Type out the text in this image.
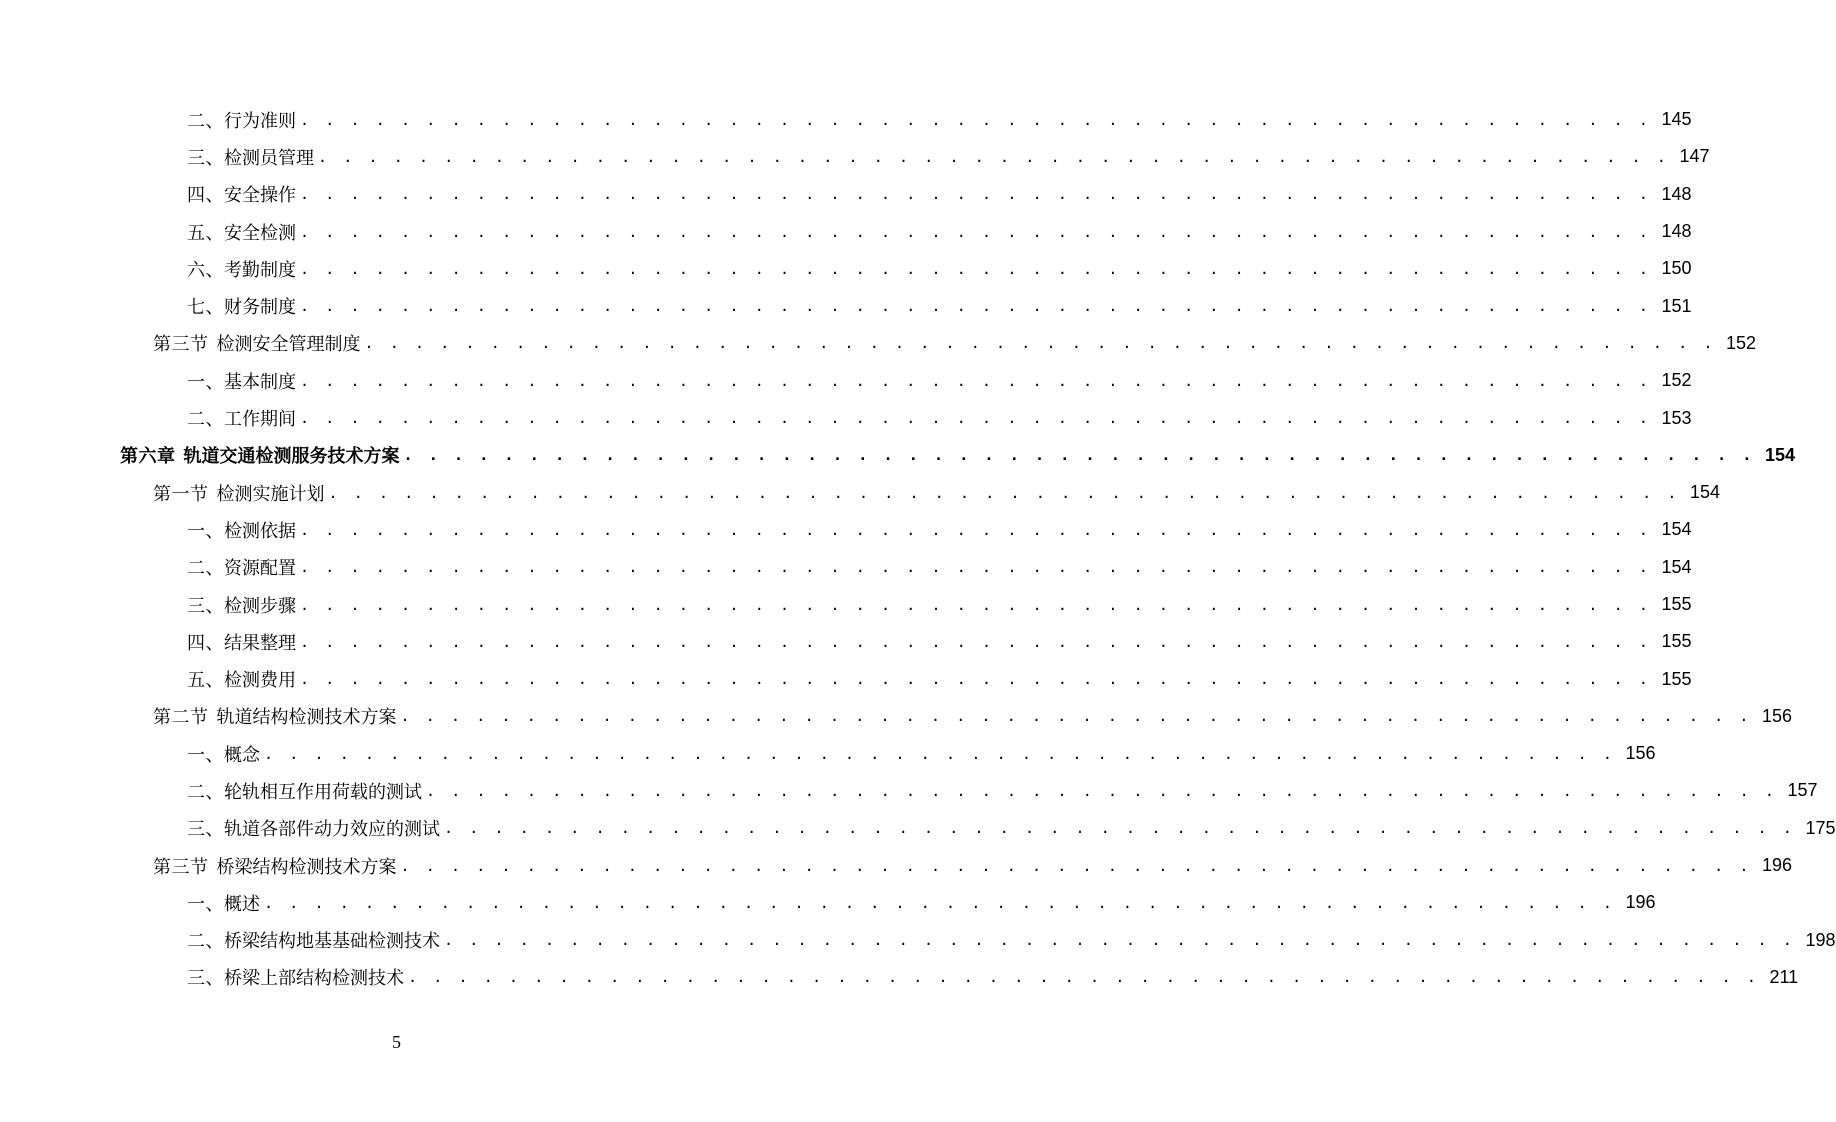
二、行为准则 . . . . . . . . . . . . . . . . . . . . . . . . . . . . . . . . . . . . . . . . . . . . . . . . . . . . . . 145
三、检测员管理 . . . . . . . . . . . . . . . . . . . . . . . . . . . . . . . . . . . . . . . . . . . . . . . . . . . . . . 147
四、安全操作 . . . . . . . . . . . . . . . . . . . . . . . . . . . . . . . . . . . . . . . . . . . . . . . . . . . . . . 148
五、安全检测 . . . . . . . . . . . . . . . . . . . . . . . . . . . . . . . . . . . . . . . . . . . . . . . . . . . . . . 148
六、考勤制度 . . . . . . . . . . . . . . . . . . . . . . . . . . . . . . . . . . . . . . . . . . . . . . . . . . . . . . 150
七、财务制度 . . . . . . . . . . . . . . . . . . . . . . . . . . . . . . . . . . . . . . . . . . . . . . . . . . . . . . 151
第三节 检测安全管理制度 . . . . . . . . . . . . . . . . . . . . . . . . . . . . . . . . . . . . . . . . . . . . . . . . . . . . . . 152
一、基本制度 . . . . . . . . . . . . . . . . . . . . . . . . . . . . . . . . . . . . . . . . . . . . . . . . . . . . . . 152
二、工作期间 . . . . . . . . . . . . . . . . . . . . . . . . . . . . . . . . . . . . . . . . . . . . . . . . . . . . . . 153
第六章 轨道交通检测服务技术方案 . . . . . . . . . . . . . . . . . . . . . . . . . . . . . . . . . . . . . . . . . . . . . . . . . . . . . . 154
第一节 检测实施计划 . . . . . . . . . . . . . . . . . . . . . . . . . . . . . . . . . . . . . . . . . . . . . . . . . . . . . . 154
一、检测依据 . . . . . . . . . . . . . . . . . . . . . . . . . . . . . . . . . . . . . . . . . . . . . . . . . . . . . . 154
二、资源配置 . . . . . . . . . . . . . . . . . . . . . . . . . . . . . . . . . . . . . . . . . . . . . . . . . . . . . . 154
三、检测步骤 . . . . . . . . . . . . . . . . . . . . . . . . . . . . . . . . . . . . . . . . . . . . . . . . . . . . . . 155
四、结果整理 . . . . . . . . . . . . . . . . . . . . . . . . . . . . . . . . . . . . . . . . . . . . . . . . . . . . . . 155
五、检测费用 . . . . . . . . . . . . . . . . . . . . . . . . . . . . . . . . . . . . . . . . . . . . . . . . . . . . . . 155
第二节 轨道结构检测技术方案 . . . . . . . . . . . . . . . . . . . . . . . . . . . . . . . . . . . . . . . . . . . . . . . . . . . . . . 156
一、概念 . . . . . . . . . . . . . . . . . . . . . . . . . . . . . . . . . . . . . . . . . . . . . . . . . . . . . . 156
二、轮轨相互作用荷载的测试 . . . . . . . . . . . . . . . . . . . . . . . . . . . . . . . . . . . . . . . . . . . . . . . . . . . . . . 157
三、轨道各部件动力效应的测试 . . . . . . . . . . . . . . . . . . . . . . . . . . . . . . . . . . . . . . . . . . . . . . . . . . . . . . 175
第三节 桥梁结构检测技术方案 . . . . . . . . . . . . . . . . . . . . . . . . . . . . . . . . . . . . . . . . . . . . . . . . . . . . . . 196
一、概述 . . . . . . . . . . . . . . . . . . . . . . . . . . . . . . . . . . . . . . . . . . . . . . . . . . . . . . 196
二、桥梁结构地基基础检测技术 . . . . . . . . . . . . . . . . . . . . . . . . . . . . . . . . . . . . . . . . . . . . . . . . . . . . . . 198
三、桥梁上部结构检测技术 . . . . . . . . . . . . . . . . . . . . . . . . . . . . . . . . . . . . . . . . . . . . . . . . . . . . . . 211
5
